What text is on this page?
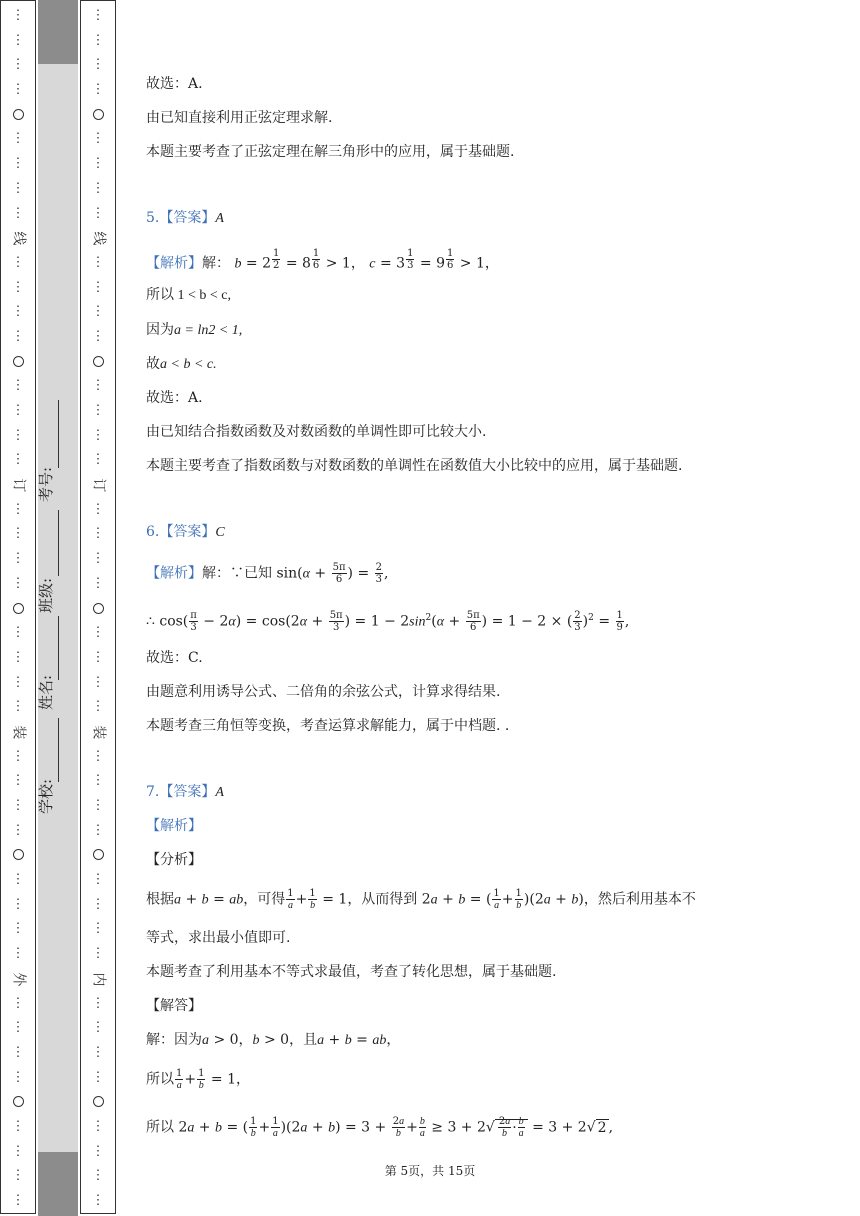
⋮
⋮
⋮
⋮
⋮
⋮
⋮
⋮
线
⋮
⋮
⋮
⋮
⋮
⋮
⋮
⋮
订
⋮
⋮
⋮
⋮
⋮
⋮
⋮
⋮
装
⋮
⋮
⋮
⋮
⋮
⋮
⋮
⋮
外
⋮
⋮
⋮
⋮
⋮
⋮
⋮
⋮
⋮
⋮
⋮
⋮
⋮
⋮
⋮
⋮
线
⋮
⋮
⋮
⋮
⋮
⋮
⋮
⋮
订
⋮
⋮
⋮
⋮
⋮
⋮
⋮
⋮
装
⋮
⋮
⋮
⋮
⋮
⋮
⋮
⋮
内
⋮
⋮
⋮
⋮
⋮
⋮
⋮
⋮
学校:
姓名:
班级:
考号:
故选：A.
由已知直接利用正弦定理求解.
本题主要考查了正弦定理在解三角形中的应用，属于基础题.
5.【答案】A
【解析】解： b = 2 $^{\frac{1}{2}}$ = 8 $^{\frac{1}{6}}$ > 1， c = 3 $^{\frac{1}{3}}$ = 9 $^{\frac{1}{6}}$ > 1，
所以 1 < b < c,
因为a = ln2 < 1,
故a < b < c.
故选：A.
由已知结合指数函数及对数函数的单调性即可比较大小.
本题主要考查了指数函数与对数函数的单调性在函数值大小比较中的应用，属于基础题.
6.【答案】C
【解析】解：∵已知 $\sin(\alpha + \frac{5\pi}{6}$ ) = $\frac{2}{3}$ ,
∴ $\cos( \frac{\pi}{3} - 2\alpha) = \cos(2\alpha + \frac{5\pi}{3}$ ) = $1 - 2\sin^2(\alpha + \frac{5\pi}{6}$ ) = 1 − 2 × ( $\frac{2}{3} )^2 = \frac{1}{9}$ ,
故选：C.
由题意利用诱导公式、二倍角的余弦公式，计算求得结果.
本题考查三角恒等变换，考查运算求解能力，属于中档题. .
7.【答案】A
【解析】
【分析】
根据a + b = ab，可得 $\frac{1}{a} + \frac{1}{b} = 1$，从而得到 2a + b = ( $\frac{1}{a} + \frac{1}{b} )(2a + b)$，然后利用基本不
等式，求出最小值即可.
本题考查了利用基本不等式求最值，考查了转化思想，属于基础题.
【解答】
解：因为a > 0，b > 0，且a + b = ab，
所以 $\frac{1}{a} + \frac{1}{b} = 1$，
所以 2a + b = ( $\frac{1}{b} + \frac{1}{a} )(2a + b) = 3 + \frac{2a}{b} + \frac{b}{a} \ge 3 + 2√ \frac{2a}{b} \cdot \frac{b}{a} = 3 + 2√$ 2 ,
第 5页，共 15页
